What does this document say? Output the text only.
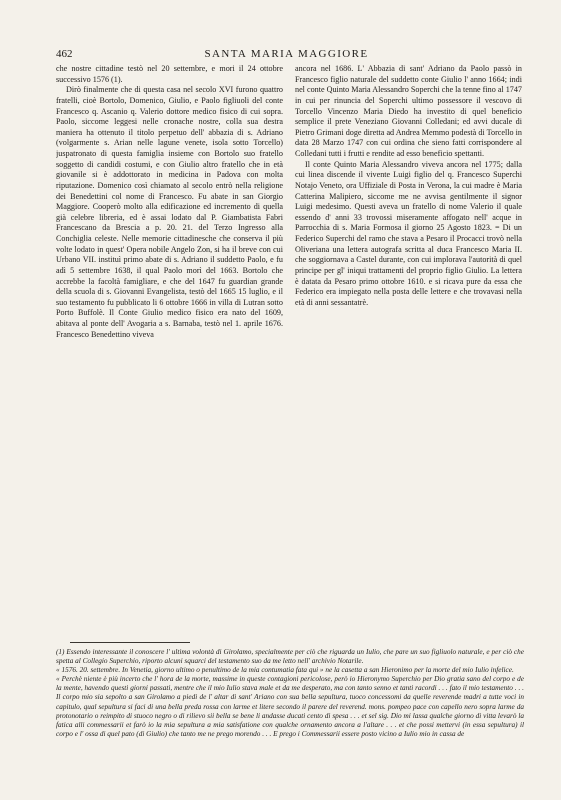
462	SANTA MARIA MAGGIORE

che nostre cittadine testò nel 20 settembre, e mori il 24 ottobre successivo 1576 (1).

Dirò finalmente che di questa casa nel secolo XVI furono quattro fratelli, cioè Bortolo, Domenico, Giulio, e Paolo figliuoli del conte Francesco q. Ascanio q. Valerio dottore medico fisico di cui sopra. Paolo, siccome leggesi nelle cronache nostre, colla sua destra maniera ha ottenuto il titolo perpetuo dell' abbazia di s. Adriano (volgarmente s. Arian nelle lagune venete, isola sotto Torcello) juspatronato di questa famiglia insieme con Bortolo suo fratello soggetto di candidi costumi, e con Giulio altro fratello che in età giovanile si è addottorato in medicina in Padova con molta riputazione. Domenico così chiamato al secolo entrò nella religione dei Benedettini col nome di Francesco. Fu abate in san Giorgio Maggiore. Cooperò molto alla edificazione ed incremento di quella già celebre libreria, ed è assai lodato dal P. Giambatista Fabri Francescano da Brescia a p. 20. 21. del Terzo Ingresso alla Conchiglia celeste. Nelle memorie cittadinesche che conserva il più volte lodato in quest' Opera nobile Angelo Zon, si ha il breve con cui Urbano VII. instituì primo abate di s. Adriano il suddetto Paolo, e fu adì 5 settembre 1638, il qual Paolo morì del 1663. Bortolo che accrebbe la facoltà famigliare, e che del 1647 fu guardian grande della scuola di s. Giovanni Evangelista, testò del 1665 15 luglio, e il suo testamento fu pubblicato li 6 ottobre 1666 in villa di Lutran sotto Porto Buffolè. Il Conte Giulio medico fisico era nato del 1609, abitava al ponte dell' Avogaria a s. Barnaba, testò nel 1. aprile 1676. Francesco Benedettino viveva

ancora nel 1686. L' Abbazia di sant' Adriano da Paolo passò in Francesco figlio naturale del suddetto conte Giulio l' anno 1664; indi nel conte Quinto Maria Alessandro Soperchi che la tenne fino al 1747 in cui per rinuncia del Soperchi ultimo possessore il vescovo di Torcello Vincenzo Maria Diedo ha investito di quel beneficio semplice il prete Veneziano Giovanni Colledani; ed avvi ducale di Pietro Grimani doge diretta ad Andrea Memmo podestà di Torcello in data 28 Marzo 1747 con cui ordina che sieno fatti corrispondere al Colledani tutti i frutti e rendite ad esso beneficio spettanti.

Il conte Quinto Maria Alessandro viveva ancora nel 1775; dalla cui linea discende il vivente Luigi figlio del q. Francesco Superchi Notajo Veneto, ora Uffiziale di Posta in Verona, la cui madre è Maria Catterina Malipiero, siccome me ne avvisa gentilmente il signor Luigi medesimo. Questi aveva un fratello di nome Valerio il quale essendo d' anni 33 trovossi miseramente affogato nell' acque in Parrocchia di s. Maria Formosa il giorno 25 Agosto 1823. = Di un Federico Superchi del ramo che stava a Pesaro il Procacci trovò nella Oliveriana una lettera autografa scritta al duca Francesco Maria II. che soggiornava a Castel durante, con cui implorava l'autorità di quel principe per gl' iniqui trattamenti del proprio figlio Giulio. La lettera è datata da Pesaro primo ottobre 1610. e si ricava pure da essa che Federico era impiegato nella posta delle lettere e che trovavasi nella età di anni sessantatrè.

(1) Essendo interessante il conoscere l' ultima volontà di Girolamo, specialmente per ciò che riguarda un Iulio, che pare un suo figliuolo naturale, e per ciò che spetta al Collegio Superchio, riporto alcuni squarci del testamento suo da me letto nell' archivio Notarile.

« 1576. 20. settembre. In Venetia, giorno ultimo o penultimo de la mia contumatia fata qui » ne la casetta a san Hieronimo per la morte del mio Iulio infelice.

« Perchè niente è più incerto che l' hora de la morte, massime in queste contagioni pericolose, però io Hieronymo Superchio per Dio gratia sano del corpo e de la mente, havendo questi giorni passati, mentre che il mio Iulio stava male et da me desperato, ma con tanto senno et tanti racordi . . . fato il mio testamento . . . Il corpo mio sia sepolto a san Girolamo a piedi de l' altar di sant' Ariano con sua bella sepultura, tuoco concessomi da quelle reverende madri a tutte voci in capitulo, qual sepultura si faci di una bella preda rossa con larme et litere secondo il parere del reverend. mons. pompeo pace con capello nero sopra larme da protonotario o reimpito di stuoco negro o di rilievo sii bella se bene li andasse ducati cento di spesa . . . et sel sig. Dio mi lassa qualche giorno di vitta levarò la fatica alli commessarii et farò io la mia sepultura a mia satisfatione con qualche ornamento ancora a l'altare . . . et che possi mettervi (in essa sepultura) il corpo e l' ossa di quel pato (di Giulio) che tanto me ne prego morendo . . . E prego i Commessarii essere posto vicino a Iulio mio in cassa de
